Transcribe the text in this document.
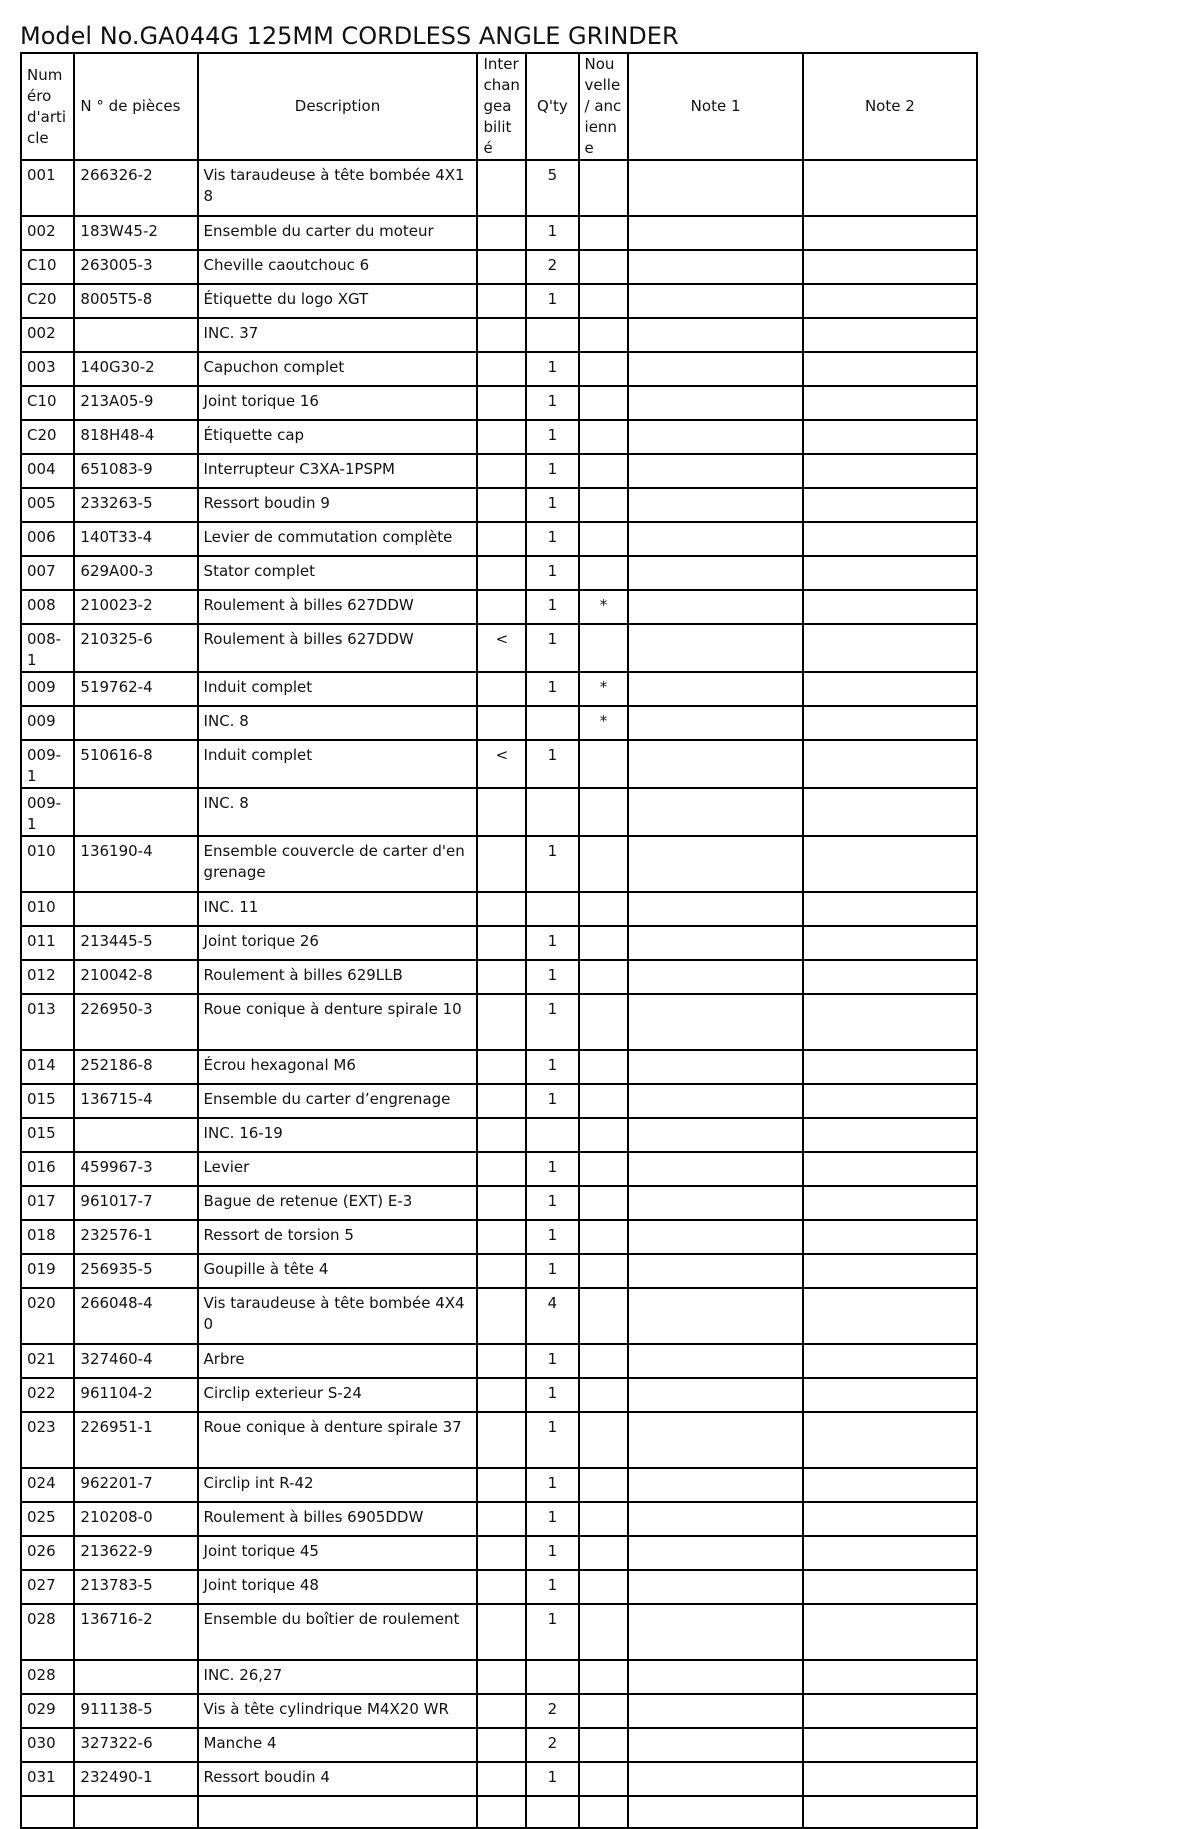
Model No.GA044G 125MM CORDLESS ANGLE GRINDER
Numéro d'article	N ° de pièces	Description	Interchangeabilité	Q'ty	Nouvelle / ancienne	Note 1	Note 2
001	266326-2	Vis taraudeuse à tête bombée 4X18		5			
002	183W45-2	Ensemble du carter du moteur		1			
C10	263005-3	Cheville caoutchouc 6		2			
C20	8005T5-8	Étiquette du logo XGT		1			
002		INC. 37					
003	140G30-2	Capuchon complet		1			
C10	213A05-9	Joint torique 16		1			
C20	818H48-4	Étiquette cap		1			
004	651083-9	Interrupteur C3XA-1PSPM		1			
005	233263-5	Ressort boudin 9		1			
006	140T33-4	Levier de commutation complète		1			
007	629A00-3	Stator complet		1			
008	210023-2	Roulement à billes 627DDW		1	*		
008-1	210325-6	Roulement à billes 627DDW	<	1			
009	519762-4	Induit complet		1	*		
009		INC. 8			*		
009-1	510616-8	Induit complet	<	1			
009-1		INC. 8					
010	136190-4	Ensemble couvercle de carter d'engrenage		1			
010		INC. 11					
011	213445-5	Joint torique 26		1			
012	210042-8	Roulement à billes 629LLB		1			
013	226950-3	Roue conique à denture spirale 10		1			
014	252186-8	Écrou hexagonal M6		1			
015	136715-4	Ensemble du carter d’engrenage		1			
015		INC. 16-19					
016	459967-3	Levier		1			
017	961017-7	Bague de retenue (EXT) E-3		1			
018	232576-1	Ressort de torsion 5		1			
019	256935-5	Goupille à tête 4		1			
020	266048-4	Vis taraudeuse à tête bombée 4X40		4			
021	327460-4	Arbre		1			
022	961104-2	Circlip exterieur S-24		1			
023	226951-1	Roue conique à denture spirale 37		1			
024	962201-7	Circlip int R-42		1			
025	210208-0	Roulement à billes 6905DDW		1			
026	213622-9	Joint torique 45		1			
027	213783-5	Joint torique 48		1			
028	136716-2	Ensemble du boîtier de roulement		1			
028		INC. 26,27					
029	911138-5	Vis à tête cylindrique M4X20 WR		2			
030	327322-6	Manche 4		2			
031	232490-1	Ressort boudin 4		1			
